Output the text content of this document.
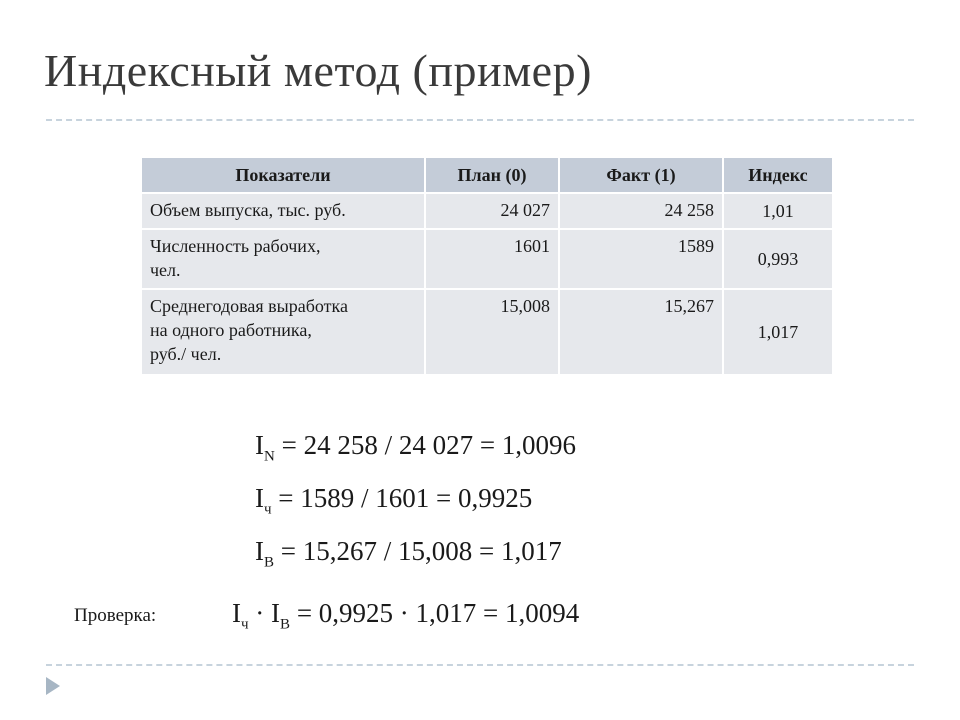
Индексный метод (пример)
Показатели	План (0)	Факт (1)	Индекс

Объем выпуска, тыс. руб.	24 027	24 258	1,01

Численность рабочих,
чел.	1601	1589	0,993

Среднегодовая выработка
на одного работника,
руб./ чел.	15,008	15,267	1,017
$I_N = 24$ 258 / 24 027 = 1,0096
$I_ч = 1589 / 1601 = 0,9925$
$I_В = 15,267 / 15,008 = 1,017$
Проверка:	$I_ч \cdot I_В = 0,9925 \cdot 1,017 = 1,0094$
